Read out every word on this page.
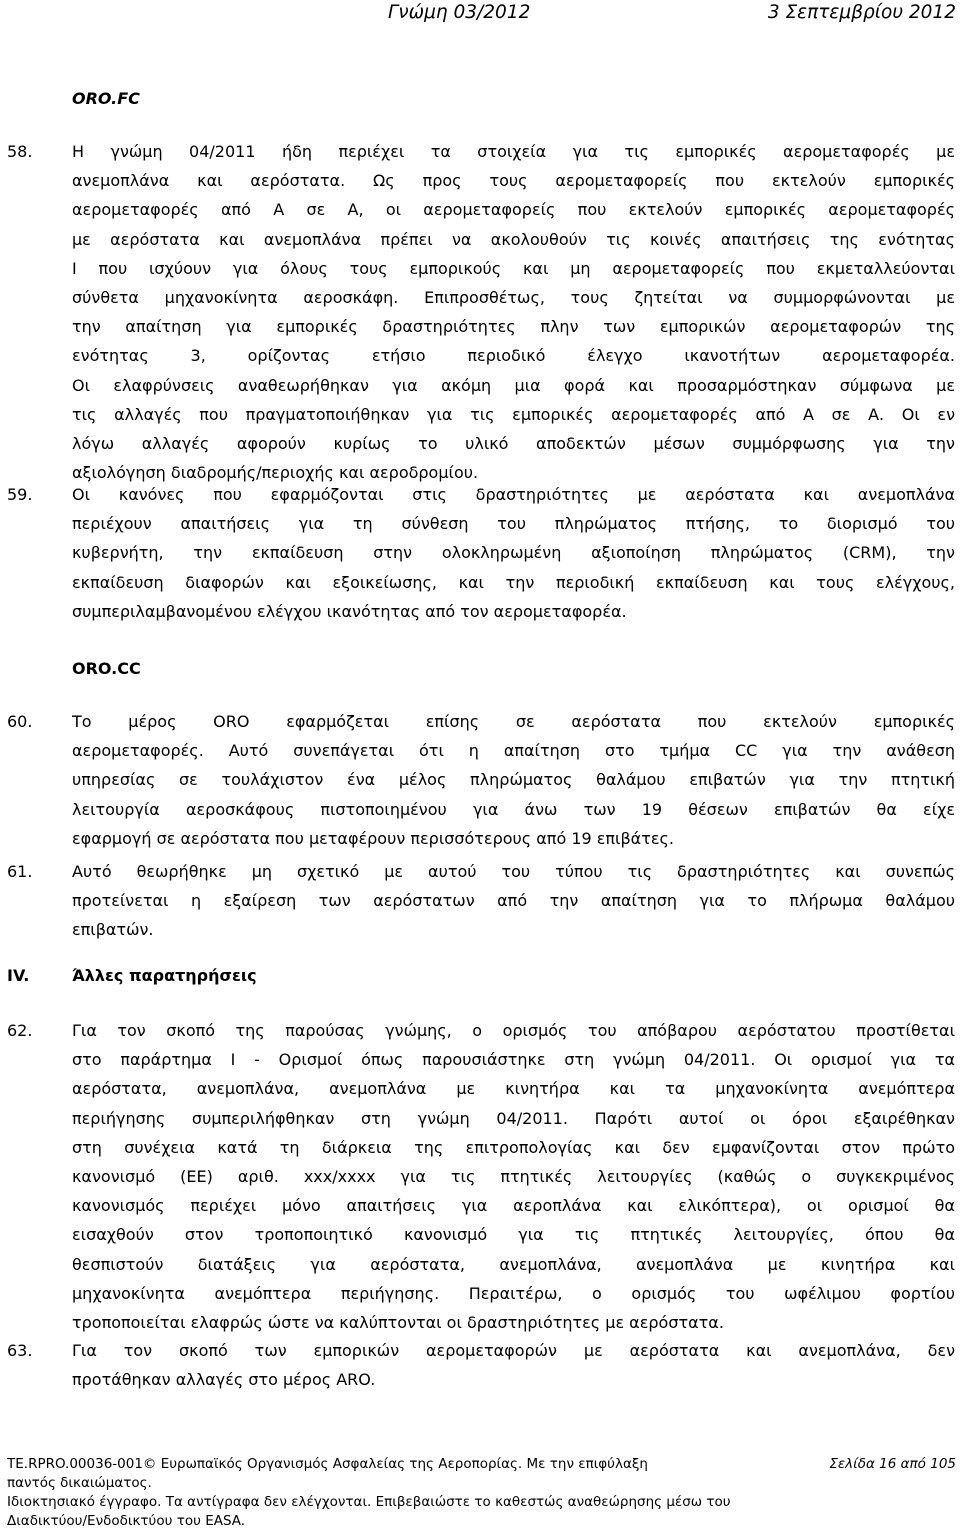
Γνώμη 03/2012	3 Σεπτεμβρίου 2012
ORO.FC
58. Η γνώμη 04/2011 ήδη περιέχει τα στοιχεία για τις εμπορικές αερομεταφορές με
ανεμοπλάνα και αερόστατα. Ως προς τους αερομεταφορείς που εκτελούν εμπορικές
αερομεταφορές από Α σε Α, οι αερομεταφορείς που εκτελούν εμπορικές αερομεταφορές
με αερόστατα και ανεμοπλάνα πρέπει να ακολουθούν τις κοινές απαιτήσεις της ενότητας
Ι που ισχύουν για όλους τους εμπορικούς και μη αερομεταφορείς που εκμεταλλεύονται
σύνθετα μηχανοκίνητα αεροσκάφη. Επιπροσθέτως, τους ζητείται να συμμορφώνονται με
την απαίτηση για εμπορικές δραστηριότητες πλην των εμπορικών αερομεταφορών της
ενότητας 3, ορίζοντας ετήσιο περιοδικό έλεγχο ικανοτήτων αερομεταφορέα.
Οι ελαφρύνσεις αναθεωρήθηκαν για ακόμη μια φορά και προσαρμόστηκαν σύμφωνα με
τις αλλαγές που πραγματοποιήθηκαν για τις εμπορικές αερομεταφορές από Α σε Α. Οι εν
λόγω αλλαγές αφορούν κυρίως το υλικό αποδεκτών μέσων συμμόρφωσης για την
αξιολόγηση διαδρομής/περιοχής και αεροδρομίου.
59. Οι κανόνες που εφαρμόζονται στις δραστηριότητες με αερόστατα και ανεμοπλάνα
περιέχουν απαιτήσεις για τη σύνθεση του πληρώματος πτήσης, το διορισμό του
κυβερνήτη, την εκπαίδευση στην ολοκληρωμένη αξιοποίηση πληρώματος (CRM), την
εκπαίδευση διαφορών και εξοικείωσης, και την περιοδική εκπαίδευση και τους ελέγχους,
συμπεριλαμβανομένου ελέγχου ικανότητας από τον αερομεταφορέα.
ORO.CC
60. Το μέρος ORO εφαρμόζεται επίσης σε αερόστατα που εκτελούν εμπορικές
αερομεταφορές. Αυτό συνεπάγεται ότι η απαίτηση στο τμήμα CC για την ανάθεση
υπηρεσίας σε τουλάχιστον ένα μέλος πληρώματος θαλάμου επιβατών για την πτητική
λειτουργία αεροσκάφους πιστοποιημένου για άνω των 19 θέσεων επιβατών θα είχε
εφαρμογή σε αερόστατα που μεταφέρουν περισσότερους από 19 επιβάτες.
61. Αυτό θεωρήθηκε μη σχετικό με αυτού του τύπου τις δραστηριότητες και συνεπώς
προτείνεται η εξαίρεση των αερόστατων από την απαίτηση για το πλήρωμα θαλάμου
επιβατών.
IV.	Άλλες παρατηρήσεις
62. Για τον σκοπό της παρούσας γνώμης, ο ορισμός του απόβαρου αερόστατου προστίθεται
στο παράρτημα I - Ορισμοί όπως παρουσιάστηκε στη γνώμη 04/2011. Οι ορισμοί για τα
αερόστατα, ανεμοπλάνα, ανεμοπλάνα με κινητήρα και τα μηχανοκίνητα ανεμόπτερα
περιήγησης συμπεριλήφθηκαν στη γνώμη 04/2011. Παρότι αυτοί οι όροι εξαιρέθηκαν
στη συνέχεια κατά τη διάρκεια της επιτροπολογίας και δεν εμφανίζονται στον πρώτο
κανονισμό (ΕΕ) αριθ. xxx/xxxx για τις πτητικές λειτουργίες (καθώς ο συγκεκριμένος
κανονισμός περιέχει μόνο απαιτήσεις για αεροπλάνα και ελικόπτερα), οι ορισμοί θα
εισαχθούν στον τροποποιητικό κανονισμό για τις πτητικές λειτουργίες, όπου θα
θεσπιστούν διατάξεις για αερόστατα, ανεμοπλάνα, ανεμοπλάνα με κινητήρα και
μηχανοκίνητα ανεμόπτερα περιήγησης. Περαιτέρω, ο ορισμός του ωφέλιμου φορτίου
τροποποιείται ελαφρώς ώστε να καλύπτονται οι δραστηριότητες με αερόστατα.
63. Για τον σκοπό των εμπορικών αερομεταφορών με αερόστατα και ανεμοπλάνα, δεν
προτάθηκαν αλλαγές στο μέρος ARO.
TE.RPRO.00036-001© Ευρωπαϊκός Οργανισμός Ασφαλείας της Αεροπορίας. Με την επιφύλαξη
παντός δικαιώματος.
Ιδιοκτησιακό έγγραφο. Τα αντίγραφα δεν ελέγχονται. Επιβεβαιώστε το καθεστώς αναθεώρησης μέσω του
Διαδικτύου/Ενδοδικτύου του EASA.
Σελίδα 16 από 105
